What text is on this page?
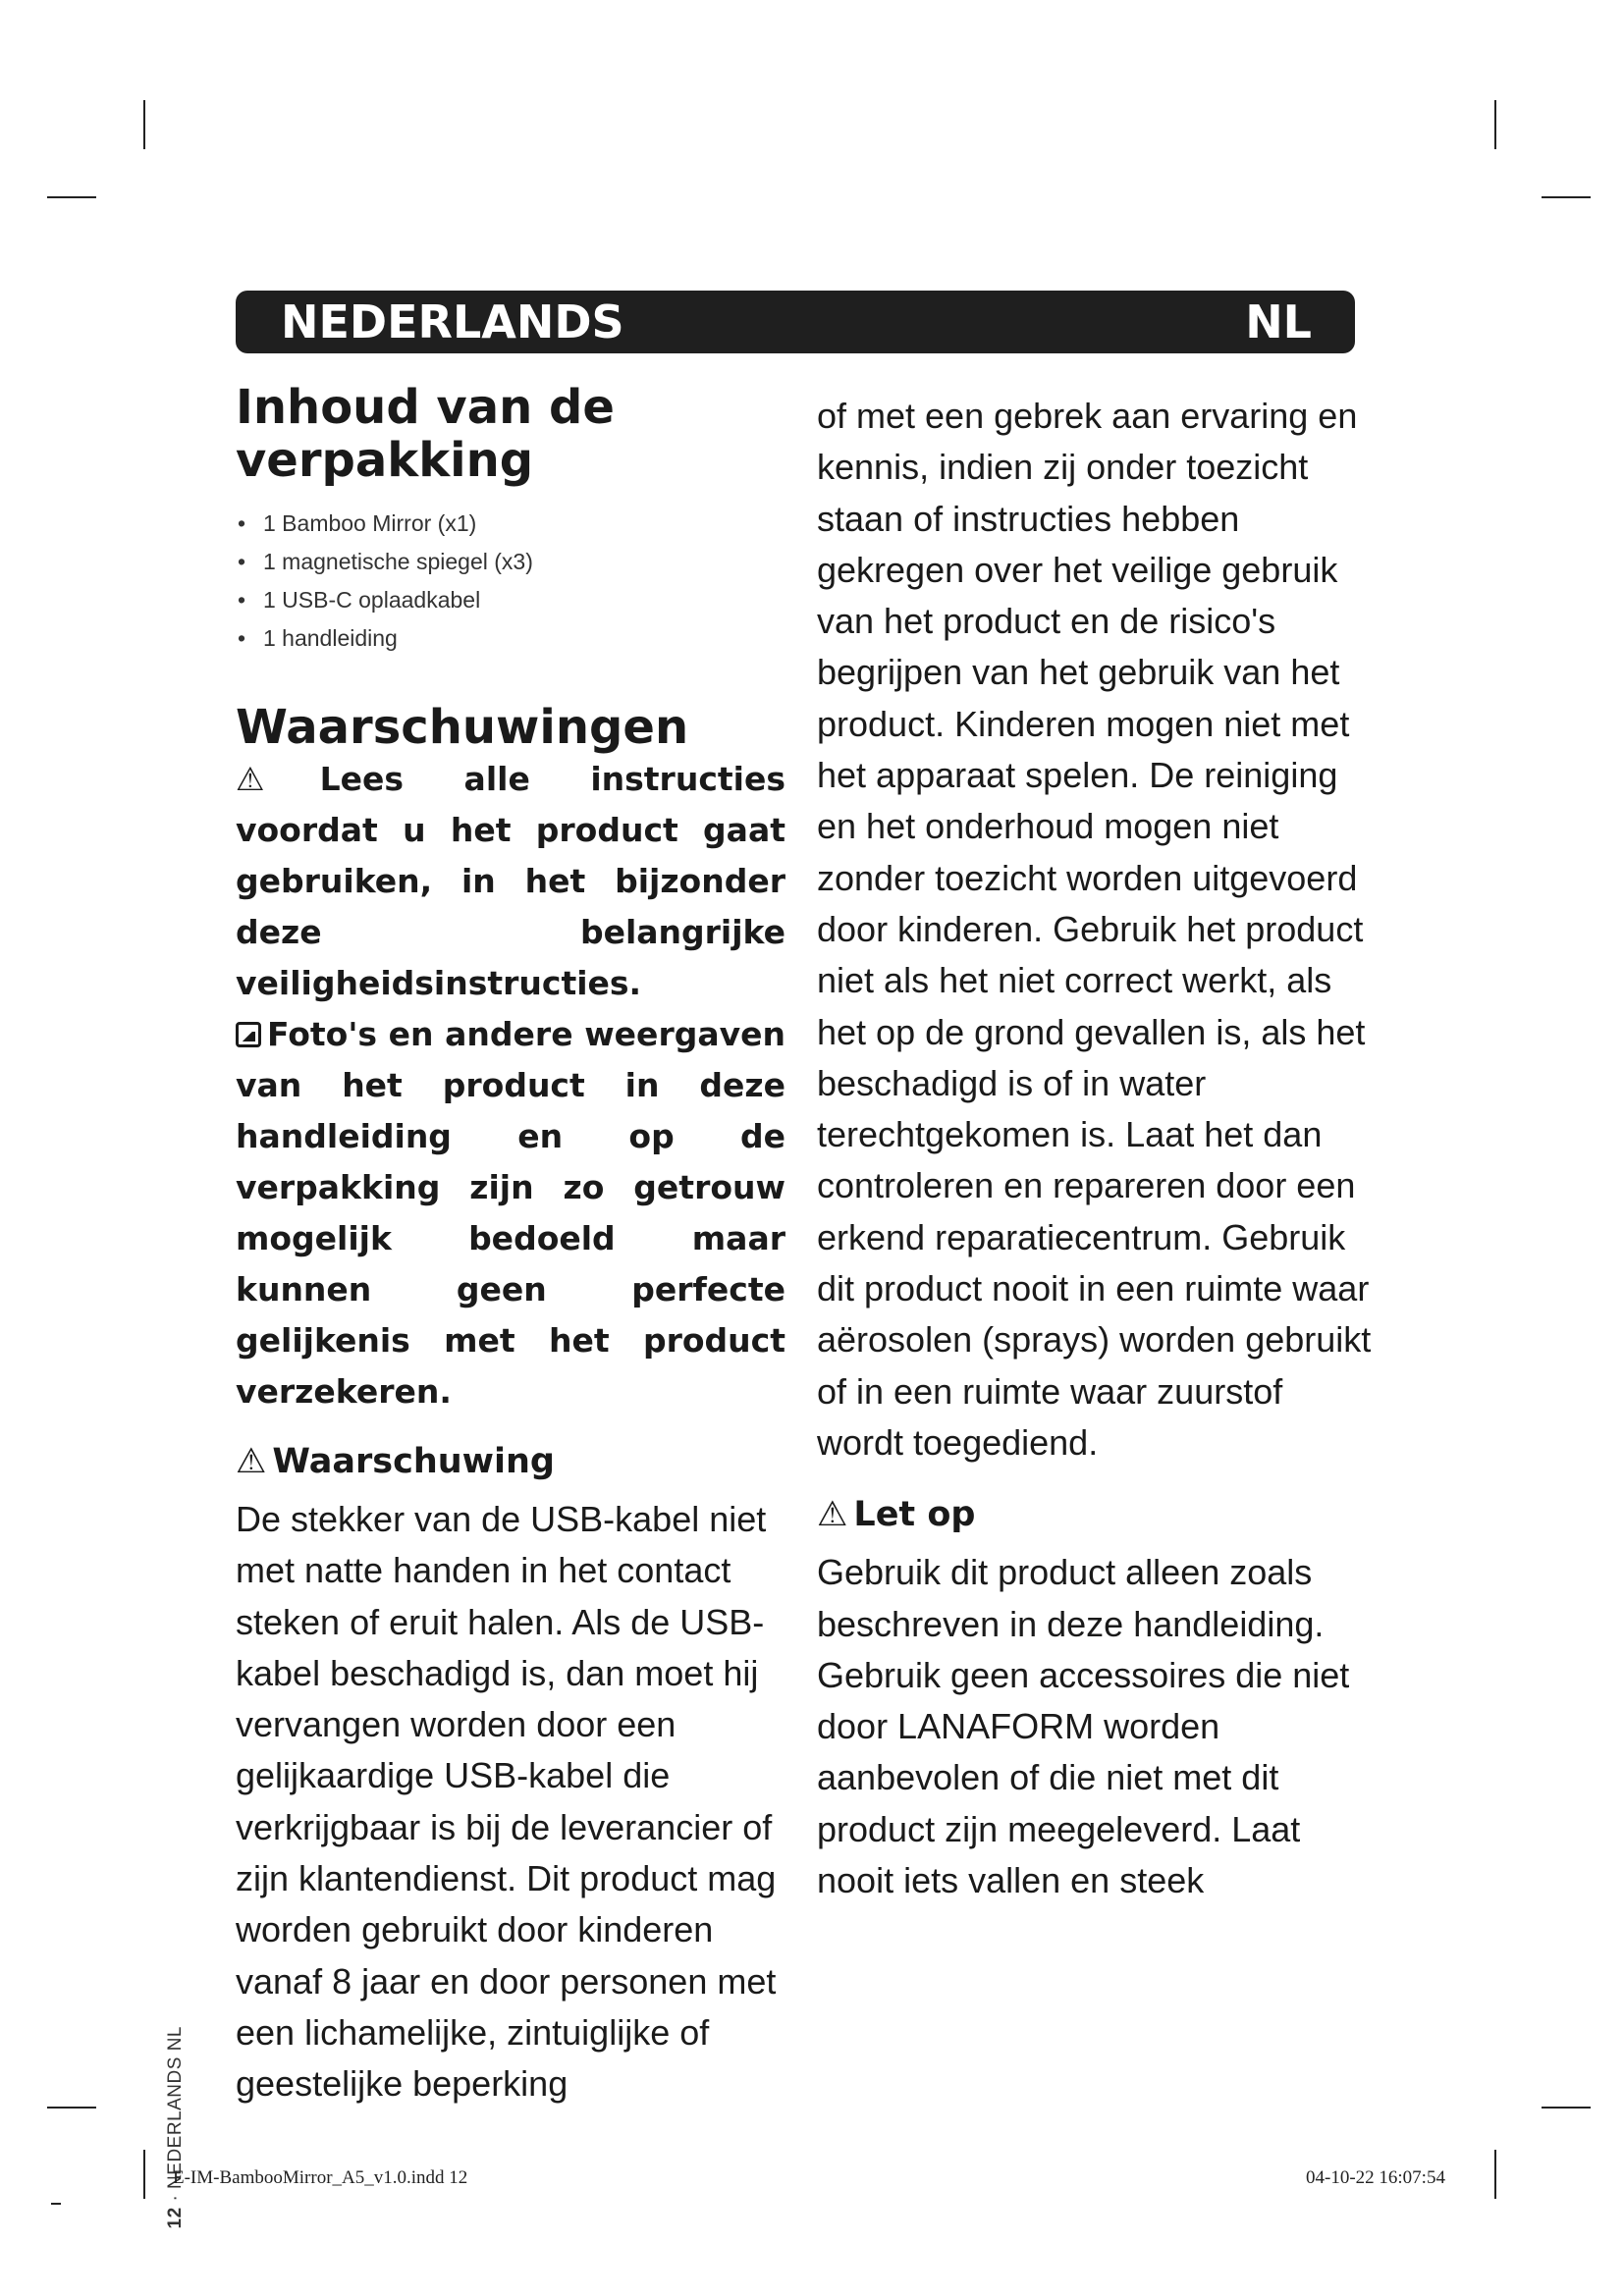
NEDERLANDS	NL
Inhoud van de verpakking
• 1 Bamboo Mirror (x1)
• 1 magnetische spiegel (x3)
• 1 USB-C oplaadkabel
• 1 handleiding
Waarschuwingen

⚠ Lees alle instructies voordat u het product gaat gebruiken, in het bijzonder deze belangrijke veiligheidsinstructies.

Foto's en andere weergaven van het product in deze handleiding en op de verpakking zijn zo getrouw mogelijk bedoeld maar kunnen geen perfecte gelijkenis met het product verzekeren.

⚠ Waarschuwing

De stekker van de USB-kabel niet met natte handen in het contact steken of eruit halen. Als de USB-kabel beschadigd is, dan moet hij vervangen worden door een gelijkaardige USB-kabel die verkrijgbaar is bij de leverancier of zijn klantendienst. Dit product mag worden gebruikt door kinderen vanaf 8 jaar en door personen met een lichamelijke, zintuiglijke of geestelijke beperking

of met een gebrek aan ervaring en kennis, indien zij onder toezicht staan of instructies hebben gekregen over het veilige gebruik van het product en de risico's begrijpen van het gebruik van het product. Kinderen mogen niet met het apparaat spelen. De reiniging en het onderhoud mogen niet zonder toezicht worden uitgevoerd door kinderen. Gebruik het product niet als het niet correct werkt, als het op de grond gevallen is, als het beschadigd is of in water terechtgekomen is. Laat het dan controleren en repareren door een erkend reparatiecentrum. Gebruik dit product nooit in een ruimte waar aërosolen (sprays) worden gebruikt of in een ruimte waar zuurstof wordt toegediend.

⚠ Let op

Gebruik dit product alleen zoals beschreven in deze handleiding. Gebruik geen accessoires die niet door LANAFORM worden aanbevolen of die niet met dit product zijn meegeleverd. Laat nooit iets vallen en steek

12 · NEDERLANDS NL
E-IM-BambooMirror_A5_v1.0.indd 12	04-10-22 16:07:54
